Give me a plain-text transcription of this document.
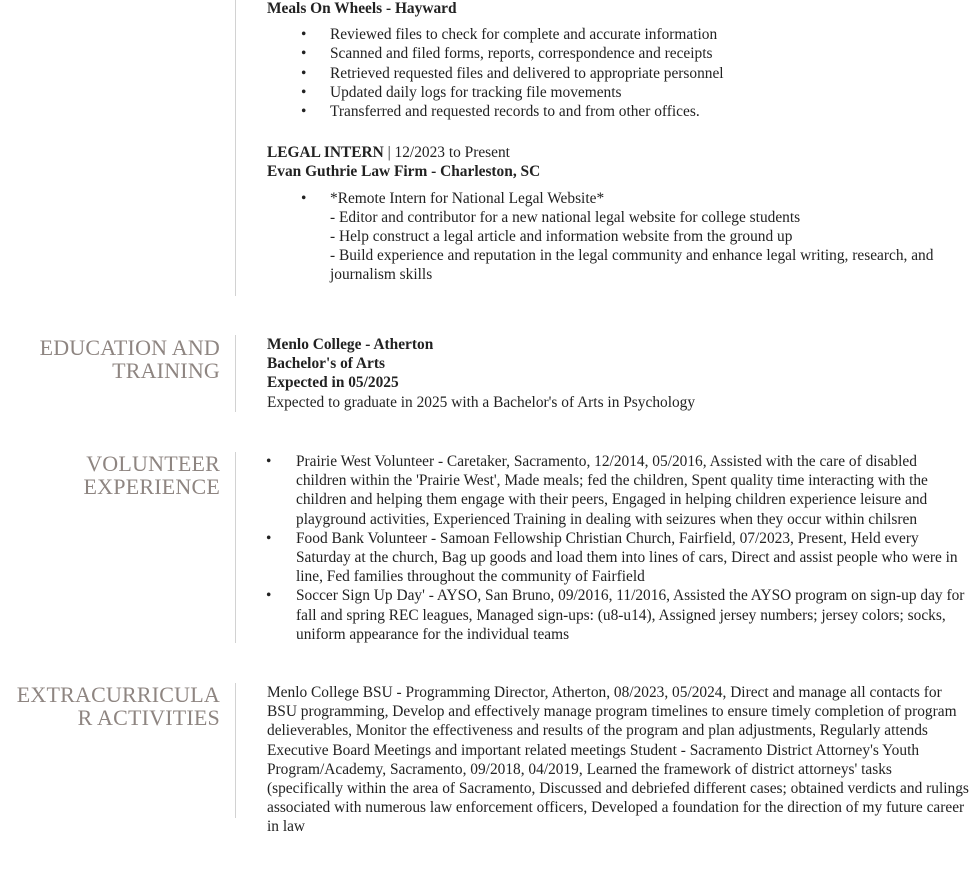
Meals On Wheels - Hayward
• Reviewed files to check for complete and accurate information
• Scanned and filed forms, reports, correspondence and receipts
• Retrieved requested files and delivered to appropriate personnel
• Updated daily logs for tracking file movements
• Transferred and requested records to and from other offices.
LEGAL INTERN | 12/2023 to Present
Evan Guthrie Law Firm - Charleston, SC
• *Remote Intern for National Legal Website*
- Editor and contributor for a new national legal website for college students
- Help construct a legal article and information website from the ground up
- Build experience and reputation in the legal community and enhance legal writing, research, and journalism skills
EDUCATION AND
TRAINING
Menlo College - Atherton
Bachelor's of Arts
Expected in 05/2025
Expected to graduate in 2025 with a Bachelor's of Arts in Psychology
VOLUNTEER
EXPERIENCE
• Prairie West Volunteer - Caretaker, Sacramento, 12/2014, 05/2016, Assisted with the care of disabled children within the 'Prairie West', Made meals; fed the children, Spent quality time interacting with the children and helping them engage with their peers, Engaged in helping children experience leisure and playground activities, Experienced Training in dealing with seizures when they occur within chilsren
• Food Bank Volunteer - Samoan Fellowship Christian Church, Fairfield, 07/2023, Present, Held every Saturday at the church, Bag up goods and load them into lines of cars, Direct and assist people who were in line, Fed families throughout the community of Fairfield
• Soccer Sign Up Day' - AYSO, San Bruno, 09/2016, 11/2016, Assisted the AYSO program on sign-up day for fall and spring REC leagues, Managed sign-ups: (u8-u14), Assigned jersey numbers; jersey colors; socks, uniform appearance for the individual teams
EXTRACURRICULA
R ACTIVITIES

Menlo College BSU - Programming Director, Atherton, 08/2023, 05/2024, Direct and manage all contacts for BSU programming, Develop and effectively manage program timelines to ensure timely completion of program delieverables, Monitor the effectiveness and results of the program and plan adjustments, Regularly attends Executive Board Meetings and important related meetings Student - Sacramento District Attorney's Youth Program/Academy, Sacramento, 09/2018, 04/2019, Learned the framework of district attorneys' tasks (specifically within the area of Sacramento, Discussed and debriefed different cases; obtained verdicts and rulings associated with numerous law enforcement officers, Developed a foundation for the direction of my future career in law
